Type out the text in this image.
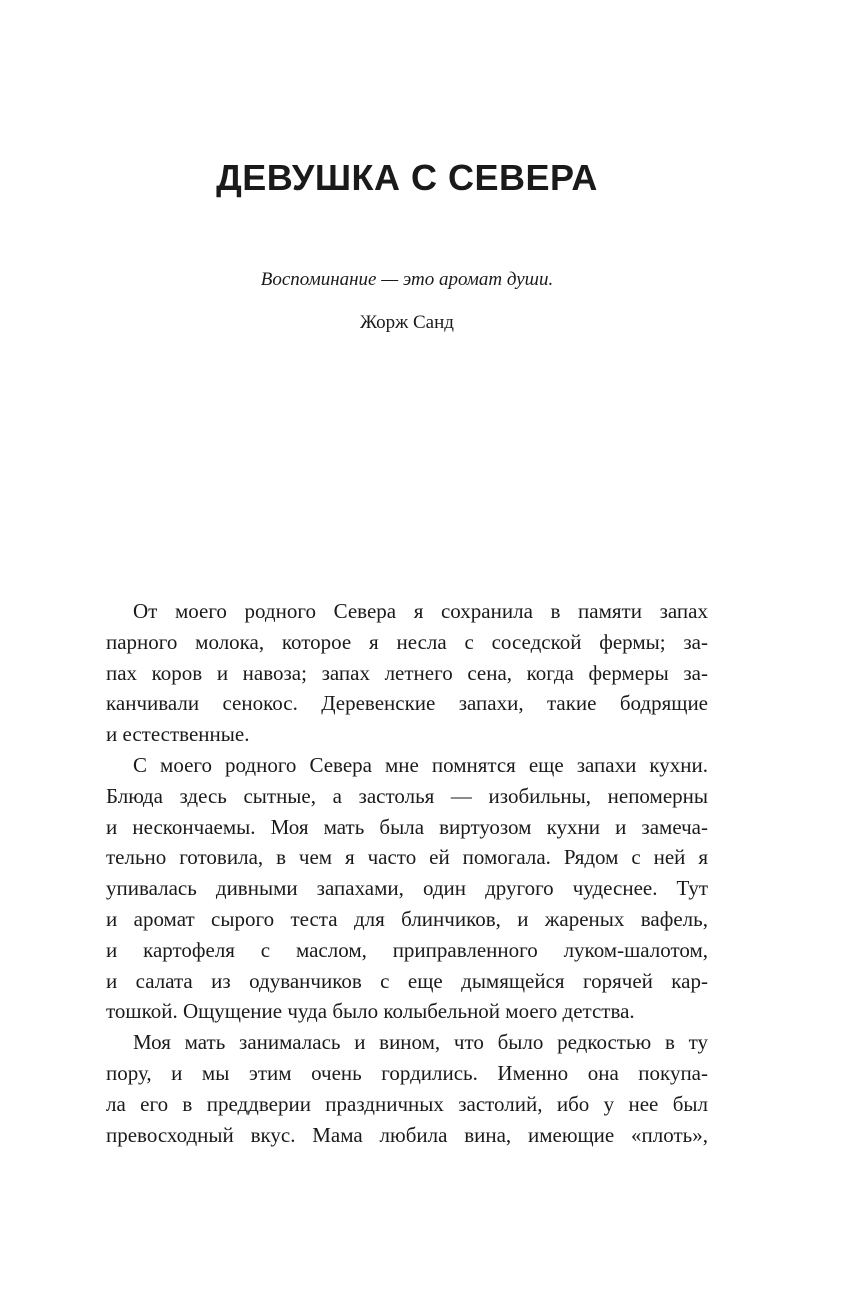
ДЕВУШКА С СЕВЕРА

Воспоминание — это аромат души.

Жорж Санд

От моего родного Севера я сохранила в памяти запах
парного молока, которое я несла с соседской фермы; за-
пах коров и навоза; запах летнего сена, когда фермеры за-
канчивали сенокос. Деревенские запахи, такие бодрящие
и естественные.
С моего родного Севера мне помнятся еще запахи кухни.
Блюда здесь сытные, а застолья — изобильны, непомерны
и нескончаемы. Моя мать была виртуозом кухни и замеча-
тельно готовила, в чем я часто ей помогала. Рядом с ней я
упивалась дивными запахами, один другого чудеснее. Тут
и аромат сырого теста для блинчиков, и жареных вафель,
и картофеля с маслом, приправленного луком-шалотом,
и салата из одуванчиков с еще дымящейся горячей кар-
тошкой. Ощущение чуда было колыбельной моего детства.
Моя мать занималась и вином, что было редкостью в ту
пору, и мы этим очень гордились. Именно она покупа-
ла его в преддверии праздничных застолий, ибо у нее был
превосходный вкус. Мама любила вина, имеющие «плоть»,
